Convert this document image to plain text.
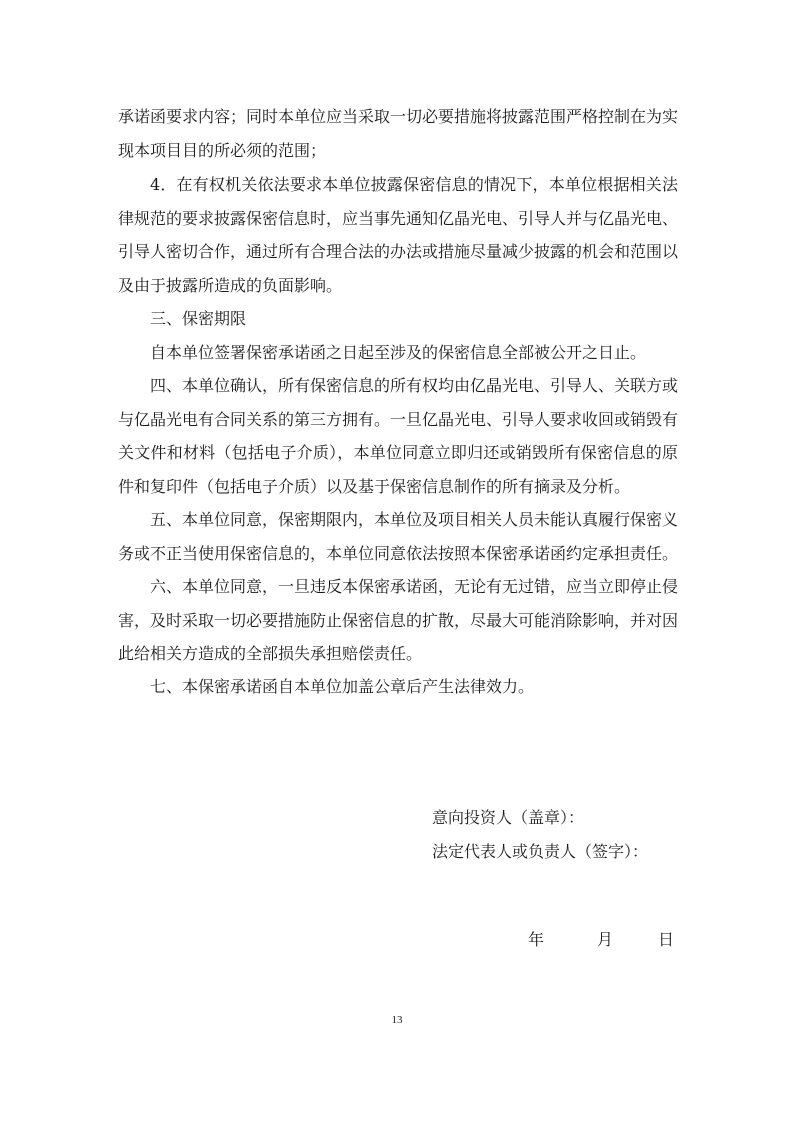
承诺函要求内容；同时本单位应当采取一切必要措施将披露范围严格控制在为实现本项目目的所必须的范围；

4．在有权机关依法要求本单位披露保密信息的情况下，本单位根据相关法律规范的要求披露保密信息时，应当事先通知亿晶光电、引导人并与亿晶光电、引导人密切合作，通过所有合理合法的办法或措施尽量减少披露的机会和范围以及由于披露所造成的负面影响。

三、保密期限

自本单位签署保密承诺函之日起至涉及的保密信息全部被公开之日止。

四、本单位确认，所有保密信息的所有权均由亿晶光电、引导人、关联方或与亿晶光电有合同关系的第三方拥有。一旦亿晶光电、引导人要求收回或销毁有关文件和材料（包括电子介质），本单位同意立即归还或销毁所有保密信息的原件和复印件（包括电子介质）以及基于保密信息制作的所有摘录及分析。

五、本单位同意，保密期限内，本单位及项目相关人员未能认真履行保密义务或不正当使用保密信息的，本单位同意依法按照本保密承诺函约定承担责任。

六、本单位同意，一旦违反本保密承诺函，无论有无过错，应当立即停止侵害，及时采取一切必要措施防止保密信息的扩散，尽最大可能消除影响，并对因此给相关方造成的全部损失承担赔偿责任。

七、本保密承诺函自本单位加盖公章后产生法律效力。

意向投资人（盖章）：

法定代表人或负责人（签字）：

年	月	日
13
